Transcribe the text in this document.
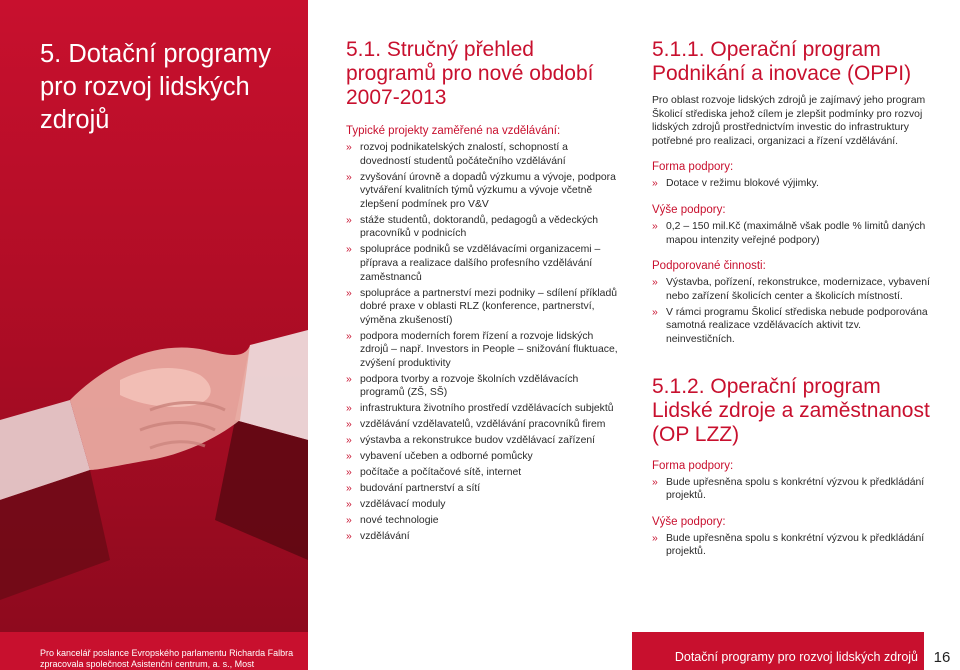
5. Dotační programy pro rozvoj lidských zdrojů
5.1. Stručný přehled programů pro nové období 2007-2013
Typické projekty zaměřené na vzdělávání:
» rozvoj podnikatelských znalostí, schopností a dovedností studentů počátečního vzdělávání
» zvyšování úrovně a dopadů výzkumu a vývoje, podpora vytváření kvalitních týmů výzkumu a vývoje včetně zlepšení podmínek pro V&V
» stáže studentů, doktorandů, pedagogů a vědeckých pracovníků v podnicích
» spolupráce podniků se vzdělávacími organizacemi – příprava a realizace dalšího profesního vzdělávání zaměstnanců
» spolupráce a partnerství mezi podniky – sdílení příkladů dobré praxe v oblasti RLZ (konference, partnerství, výměna zkušeností)
» podpora moderních forem řízení a rozvoje lidských zdrojů – např. Investors in People – snižování fluktuace, zvýšení produktivity
» podpora tvorby a rozvoje školních vzdělávacích programů (ZŠ, SŠ)
» infrastruktura životního prostředí vzdělávacích subjektů
» vzdělávání vzdělavatelů, vzdělávání pracovníků firem
» výstavba a rekonstrukce budov vzdělávací zařízení
» vybavení učeben a odborné pomůcky
» počítače a počítačové sítě, internet
» budování partnerství a sítí
» vzdělávací moduly
» nové technologie
» vzdělávání
5.1.1. Operační program Podnikání a inovace (OPPI)

Pro oblast rozvoje lidských zdrojů je zajímavý jeho program Školicí střediska jehož cílem je zlepšit podmínky pro rozvoj lidských zdrojů prostřednictvím investic do infrastruktury potřebné pro realizaci, organizaci a řízení vzdělávání.

Forma podpory:
» Dotace v režimu blokové výjimky.
Výše podpory:
» 0,2 – 150 mil.Kč (maximálně však podle % limitů daných mapou intenzity veřejné podpory)
Podporované činnosti:
» Výstavba, pořízení, rekonstrukce, modernizace, vybavení nebo zařízení školicích center a školicích místností.
» V rámci programu Školicí střediska nebude podporována samotná realizace vzdělávacích aktivit tzv. neinvestičních.
5.1.2. Operační program Lidské zdroje a zaměstnanost (OP LZZ)
Forma podpory:
» Bude upřesněna spolu s konkrétní výzvou k předkládání projektů.
Výše podpory:
» Bude upřesněna spolu s konkrétní výzvou k předkládání projektů.
Pro kancelář poslance Evropského parlamentu Richarda Falbra
zpracovala společnost Asistenční centrum, a. s., Most	Dotační programy pro rozvoj lidských zdrojů	16
